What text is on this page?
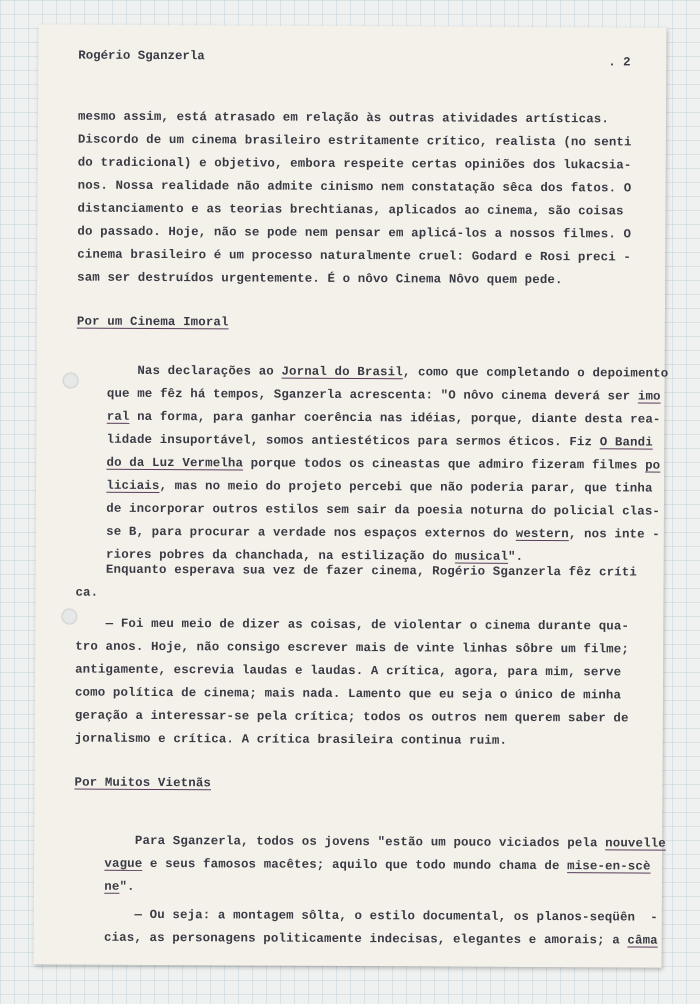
Rogério Sganzerla	. 2
mesmo assim, está atrasado em relação às outras atividades artísticas.
Discordo de um cinema brasileiro estritamente crítico, realista (no senti
do tradicional) e objetivo, embora respeite certas opiniões dos lukacsia-
nos. Nossa realidade não admite cinismo nem constatação sêca dos fatos. O
distanciamento e as teorias brechtianas, aplicados ao cinema, são coisas
do passado. Hoje, não se pode nem pensar em aplicá-los a nossos filmes. O
cinema brasileiro é um processo naturalmente cruel: Godard e Rosi preci -
sam ser destruídos urgentemente. É o nôvo Cinema Nôvo quem pede.
Por um Cinema Imoral

Nas declarações ao Jornal do Brasil, como que completando o depoimento

que me fêz há tempos, Sganzerla acrescenta: "O nôvo cinema deverá ser imo

ral na forma, para ganhar coerência nas idéias, porque, diante desta rea-

lidade insuportável, somos antiestéticos para sermos éticos. Fiz O Bandi

do da Luz Vermelha porque todos os cineastas que admiro fizeram filmes po

liciais, mas no meio do projeto percebi que não poderia parar, que tinha

de incorporar outros estilos sem sair da poesia noturna do policial clas-

se B, para procurar a verdade nos espaços externos do western, nos inte -

riores pobres da chanchada, na estilização do musical".

Enquanto esperava sua vez de fazer cinema, Rogério Sganzerla fêz críti
ca.
— Foi meu meio de dizer as coisas, de violentar o cinema durante qua-
tro anos. Hoje, não consigo escrever mais de vinte linhas sôbre um filme;
antigamente, escrevia laudas e laudas. A crítica, agora, para mim, serve
como política de cinema; mais nada. Lamento que eu seja o único de minha
geração a interessar-se pela crítica; todos os outros nem querem saber de
jornalismo e crítica. A crítica brasileira continua ruim.
Por Muitos Vietnãs

Para Sganzerla, todos os jovens "estão um pouco viciados pela nouvelle

vague e seus famosos macêtes; aquilo que todo mundo chama de mise-en-scè

ne".

— Ou seja: a montagem sôlta, o estilo documental, os planos-seqüên  -

cias, as personagens politicamente indecisas, elegantes e amorais; a câma
